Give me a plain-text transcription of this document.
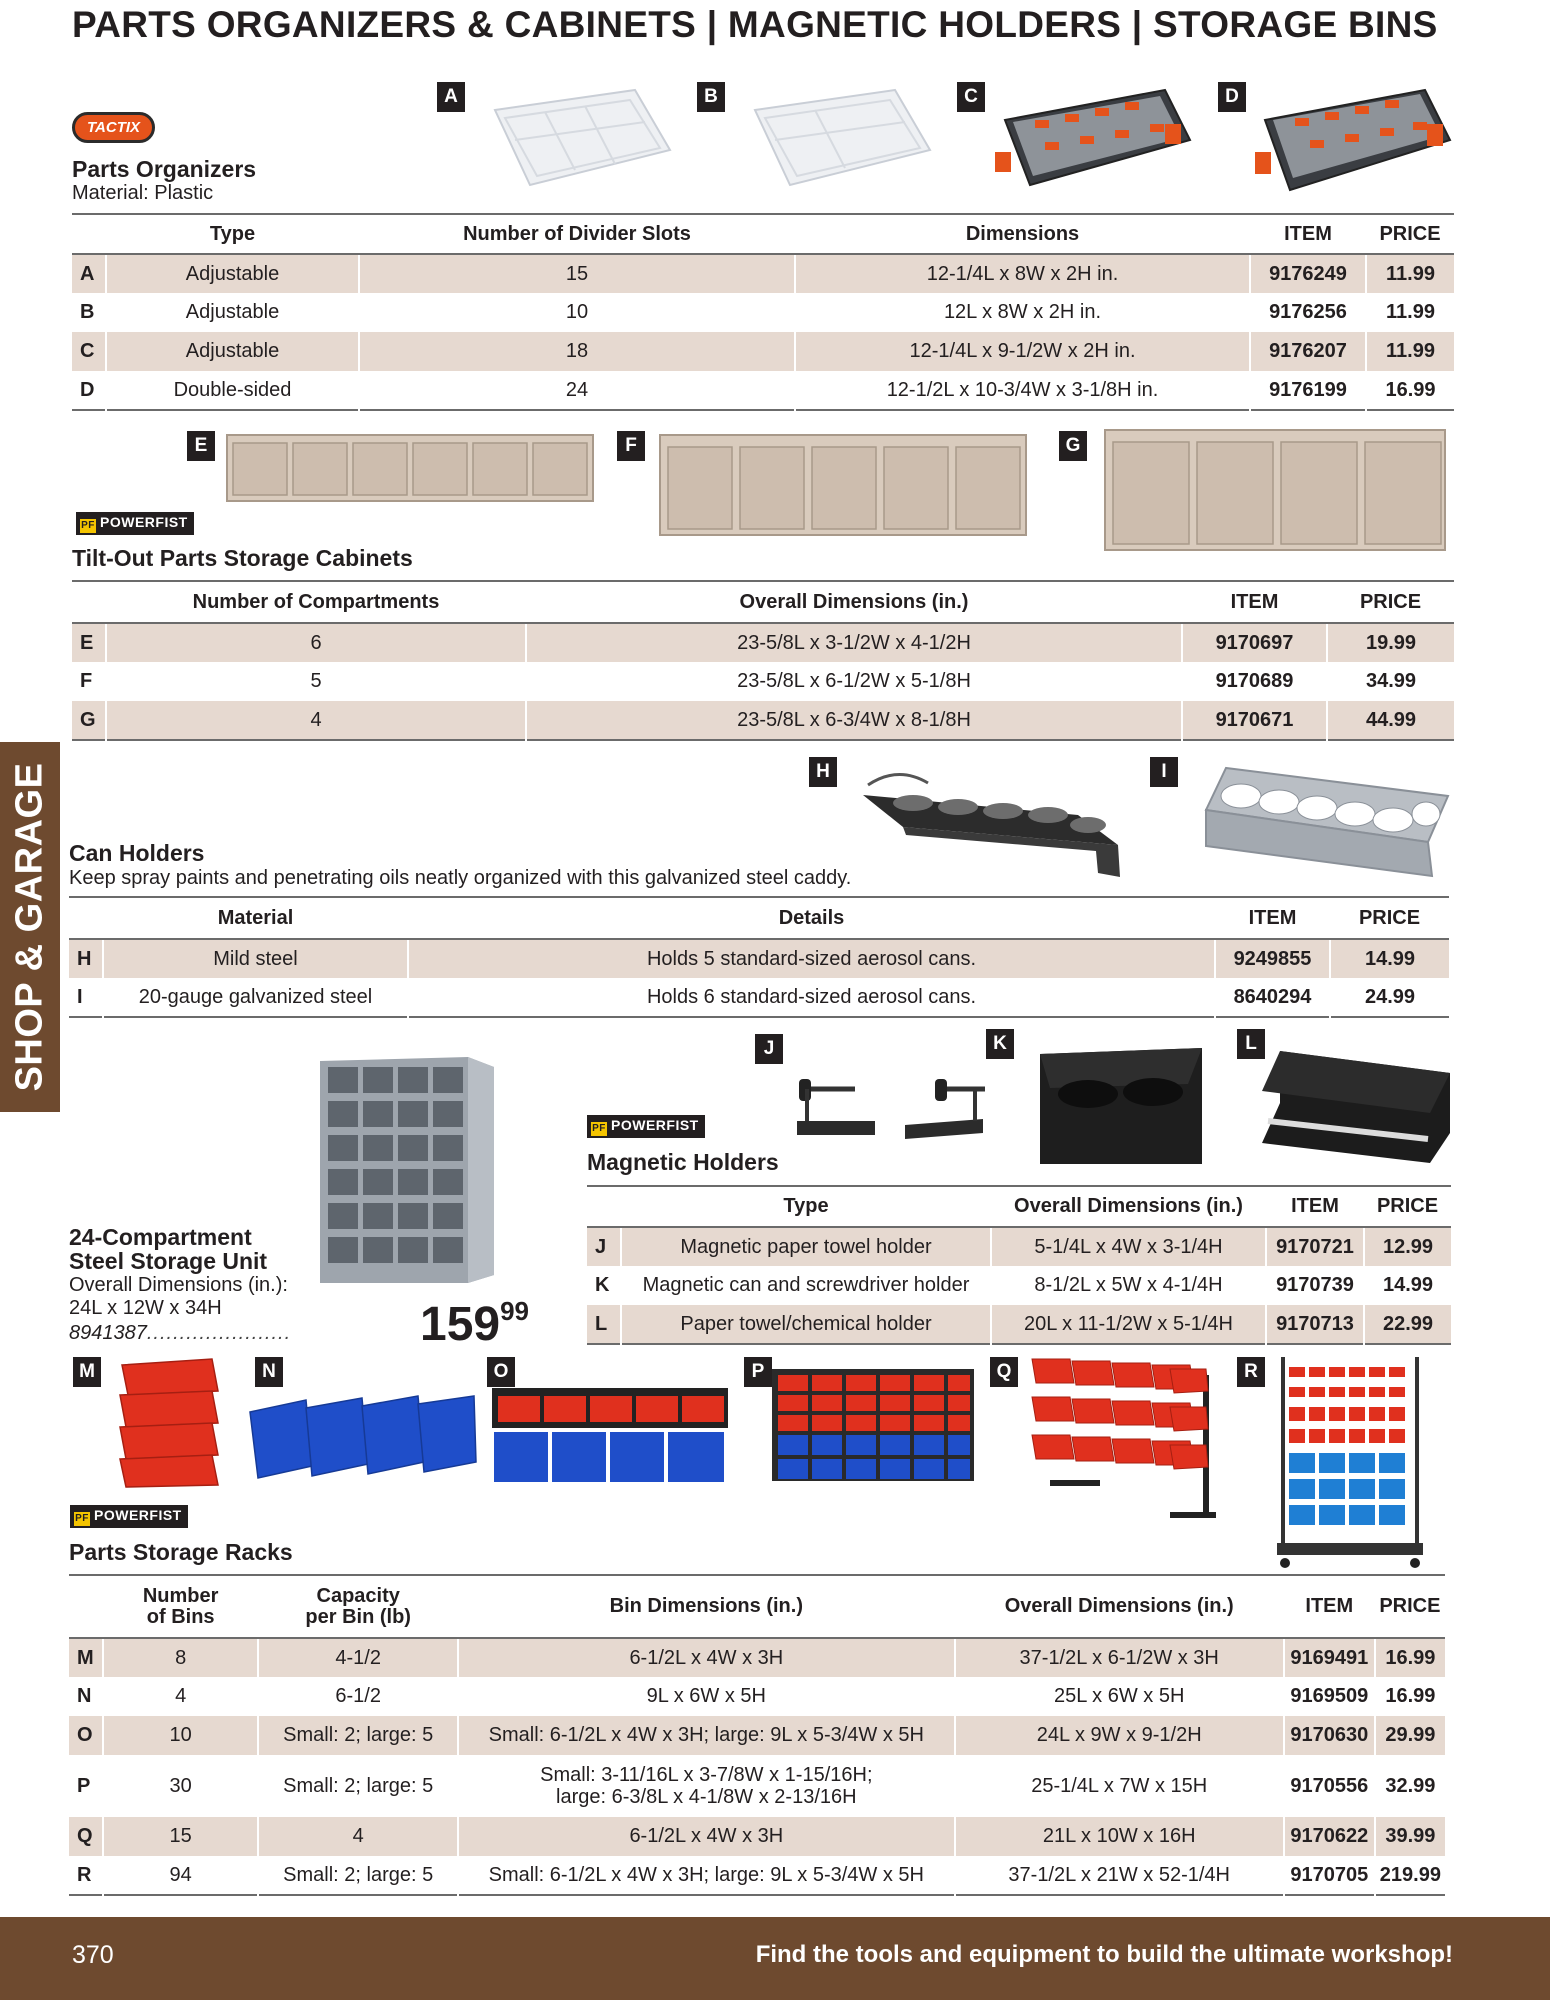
PARTS ORGANIZERS & CABINETS | MAGNETIC HOLDERS | STORAGE BINS
SHOP & GARAGE
370	Find the tools and equipment to build the ultimate workshop!
TACTIX
Parts Organizers
Material: Plastic
A	B	C	D
	Type	Number of Divider Slots	Dimensions	ITEM	PRICE
A	Adjustable	15	12-1/4L x 8W x 2H in.	9176249	11.99
B	Adjustable	10	12L x 8W x 2H in.	9176256	11.99
C	Adjustable	18	12-1/4L x 9-1/2W x 2H in.	9176207	11.99
D	Double-sided	24	12-1/2L x 10-3/4W x 3-1/8H in.	9176199	16.99
E	F	G
PF POWERFIST
Tilt-Out Parts Storage Cabinets
	Number of Compartments	Overall Dimensions (in.)	ITEM	PRICE
E	6	23-5/8L x 3-1/2W x 4-1/2H	9170697	19.99
F	5	23-5/8L x 6-1/2W x 5-1/8H	9170689	34.99
G	4	23-5/8L x 6-3/4W x 8-1/8H	9170671	44.99
H	I
Can Holders
Keep spray paints and penetrating oils neatly organized with this galvanized steel caddy.
	Material	Details	ITEM	PRICE
H	Mild steel	Holds 5 standard-sized aerosol cans.	9249855	14.99
I	20-gauge galvanized steel	Holds 6 standard-sized aerosol cans.	8640294	24.99
24-Compartment
Steel Storage Unit
Overall Dimensions (in.):
24L x 12W x 34H
8941387......................	$159^{99}$
J	K	L
PF POWERFIST
Magnetic Holders
	Type	Overall Dimensions (in.)	ITEM	PRICE
J	Magnetic paper towel holder	5-1/4L x 4W x 3-1/4H	9170721	12.99
K	Magnetic can and screwdriver holder	8-1/2L x 5W x 4-1/4H	9170739	14.99
L	Paper towel/chemical holder	20L x 11-1/2W x 5-1/4H	9170713	22.99
M	N	O	P	Q	R
PF POWERFIST
Parts Storage Racks
	Number
of Bins	Capacity
per Bin (lb)	Bin Dimensions (in.)	Overall Dimensions (in.)	ITEM	PRICE
M	8	4-1/2	6-1/2L x 4W x 3H	37-1/2L x 6-1/2W x 3H	9169491	16.99
N	4	6-1/2	9L x 6W x 5H	25L x 6W x 5H	9169509	16.99
O	10	Small: 2; large: 5	Small: 6-1/2L x 4W x 3H; large: 9L x 5-3/4W x 5H	24L x 9W x 9-1/2H	9170630	29.99
P	30	Small: 2; large: 5	Small: 3-11/16L x 3-7/8W x 1-15/16H;
large: 6-3/8L x 4-1/8W x 2-13/16H	25-1/4L x 7W x 15H	9170556	32.99
Q	15	4	6-1/2L x 4W x 3H	21L x 10W x 16H	9170622	39.99
R	94	Small: 2; large: 5	Small: 6-1/2L x 4W x 3H; large: 9L x 5-3/4W x 5H	37-1/2L x 21W x 52-1/4H	9170705	219.99
